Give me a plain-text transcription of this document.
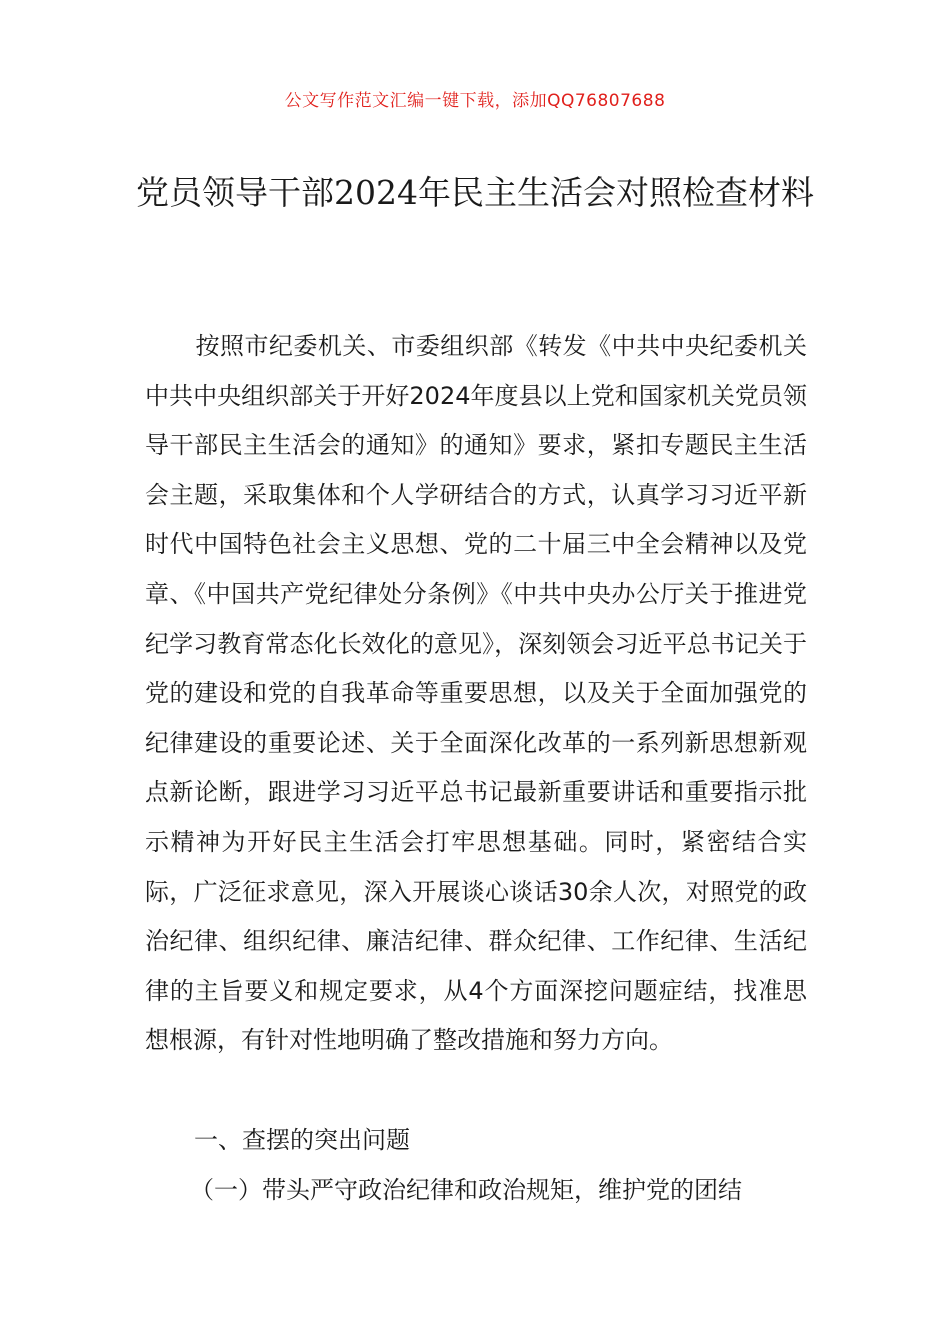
公文写作范文汇编一键下载，添加QQ76807688
党员领导干部2024年民主生活会对照检查材料

按照市纪委机关、市委组织部《转发《中共中央纪委机关中共中央组织部关于开好2024年度县以上党和国家机关党员领导干部民主生活会的通知》的通知》要求，紧扣专题民主生活会主题，采取集体和个人学研结合的方式，认真学习习近平新时代中国特色社会主义思想、党的二十届三中全会精神以及党章、《中国共产党纪律处分条例》《中共中央办公厅关于推进党纪学习教育常态化长效化的意见》，深刻领会习近平总书记关于党的建设和党的自我革命等重要思想，以及关于全面加强党的纪律建设的重要论述、关于全面深化改革的一系列新思想新观点新论断，跟进学习习近平总书记最新重要讲话和重要指示批示精神为开好民主生活会打牢思想基础。同时，紧密结合实际，广泛征求意见，深入开展谈心谈话30余人次，对照党的政治纪律、组织纪律、廉洁纪律、群众纪律、工作纪律、生活纪律的主旨要义和规定要求，从4个方面深挖问题症结，找准思想根源，有针对性地明确了整改措施和努力方向。

一、查摆的突出问题
（一）带头严守政治纪律和政治规矩，维护党的团结
